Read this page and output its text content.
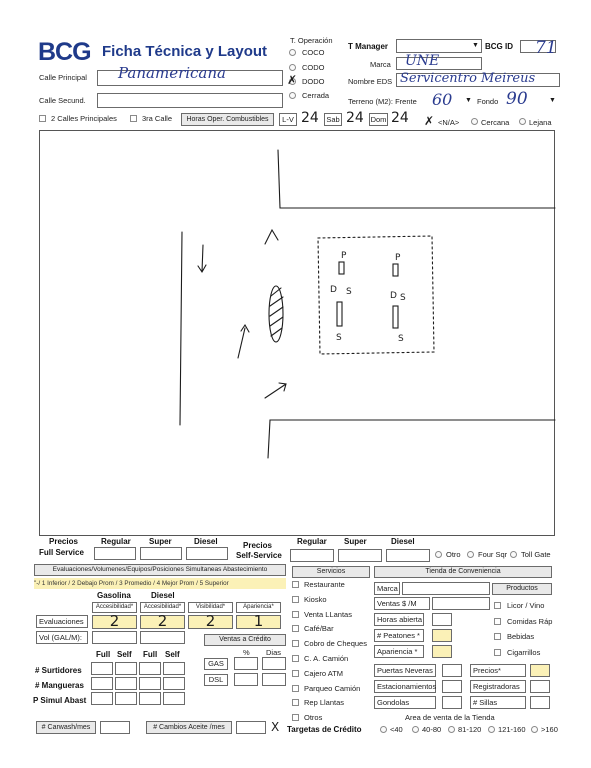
BCG Ficha Técnica y Layout
Calle Principal Panamericana
Calle Secund.
2 Calles Principales	3ra Calle	Horas Oper. Combustibles	L-V 24 Sab 24 Dom 24 ✗ <N/A>	Cercana	Lejana
T. Operación
COCO
CODO
✗ DODO
Cerrada
T Manager	▼ BCG ID 71
Marca UNE
Nombre EDS Servicentro Meireus
Terreno (M2): Frente 60 ▼ Fondo 90	▼
P
D S
S
P
D S
S
Precios
Full Service
Regular Super	Diesel	Precios
Self-Service
Regular Super	Diesel
Otro Four Sqr Toll Gate
Evaluaciones/Volumenes/Equipos/Posiciones Simultaneas Abastecimiento
"-/ 1 Inferior / 2 Debajo Prom / 3 Promedio / 4 Mejor Prom / 5 Superior
Gasolina	Diesel
Accesibilidad*	Accesibilidad*	Visibilidad*	Apariencia*
Evaluaciones	2	2	2	1
Vol (GAL/M):	Ventas a Crédito
% Dias
Full Self Full Self
GAS
DSL
# Surtidores
# Mangueras
P Simul Abast
# Carwash/mes	# Cambios Aceite /mes	X Targetas de Crédito
Servicios
Restaurante
Kiosko
Venta LLantas
Café/Bar
Cobro de Cheques
C. A. Camión
Cajero ATM
Parqueo Camión
Rep Llantas
Otros
Tienda de Conveniencia
Marca	Productos
Ventas $ /M
Horas abierta
# Peatones *
Apariencia *
Licor / Vino
Comidas Ráp
Bebidas
Cigarrillos
Puertas Neveras	Precios*
Estacionamientos	Registradoras
Gondolas	# Sillas
Area de venta de la Tienda
<40	40-80 81-120 121-160 >160
